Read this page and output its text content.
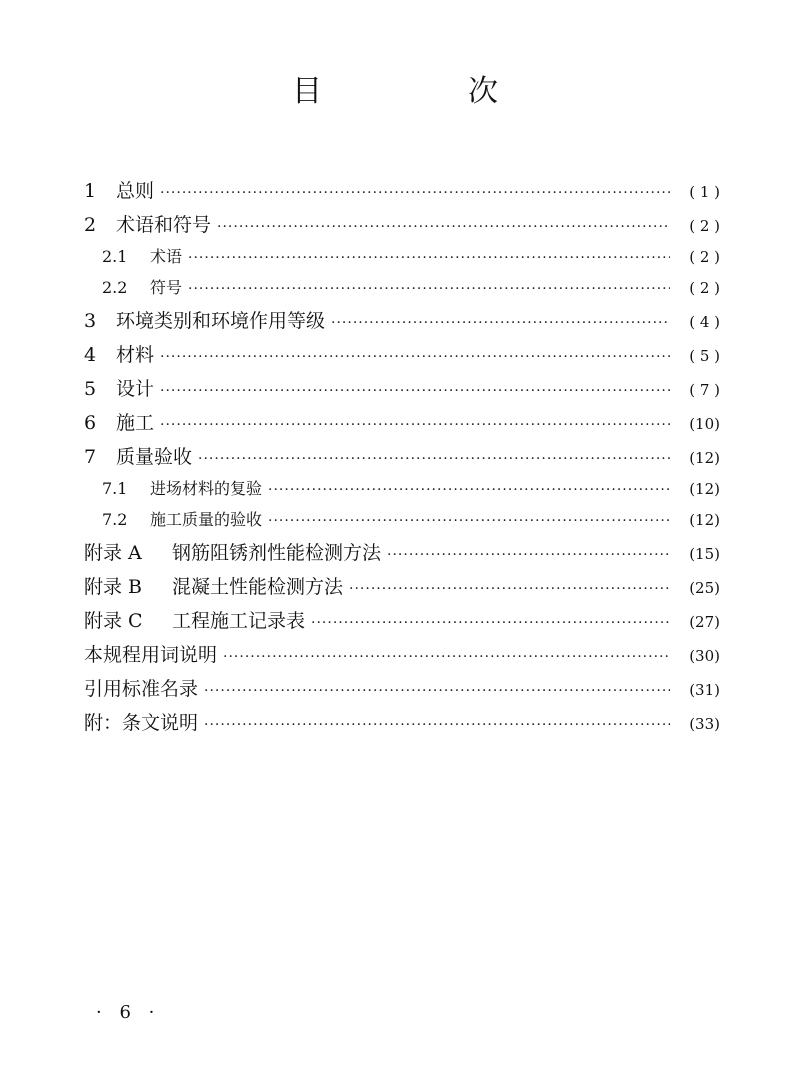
目　次
1	总则 ·····	( 1 )
2	术语和符号 ·····	( 2 )
2.1	术语 ·····	( 2 )
2.2	符号 ·····	( 2 )
3	环境类别和环境作用等级 ·····	( 4 )
4	材料 ·····	( 5 )
5	设计 ·····	( 7 )
6	施工 ·····	(10)
7	质量验收 ·····	(12)
7.1	进场材料的复验 ·····	(12)
7.2	施工质量的验收 ·····	(12)
附录 A	钢筋阻锈剂性能检测方法 ·····	(15)
附录 B	混凝土性能检测方法 ·····	(25)
附录 C	工程施工记录表 ·····	(27)
本规程用词说明 ·····	(30)
引用标准名录 ·····	(31)
附：条文说明 ·····	(33)
· 6 ·
